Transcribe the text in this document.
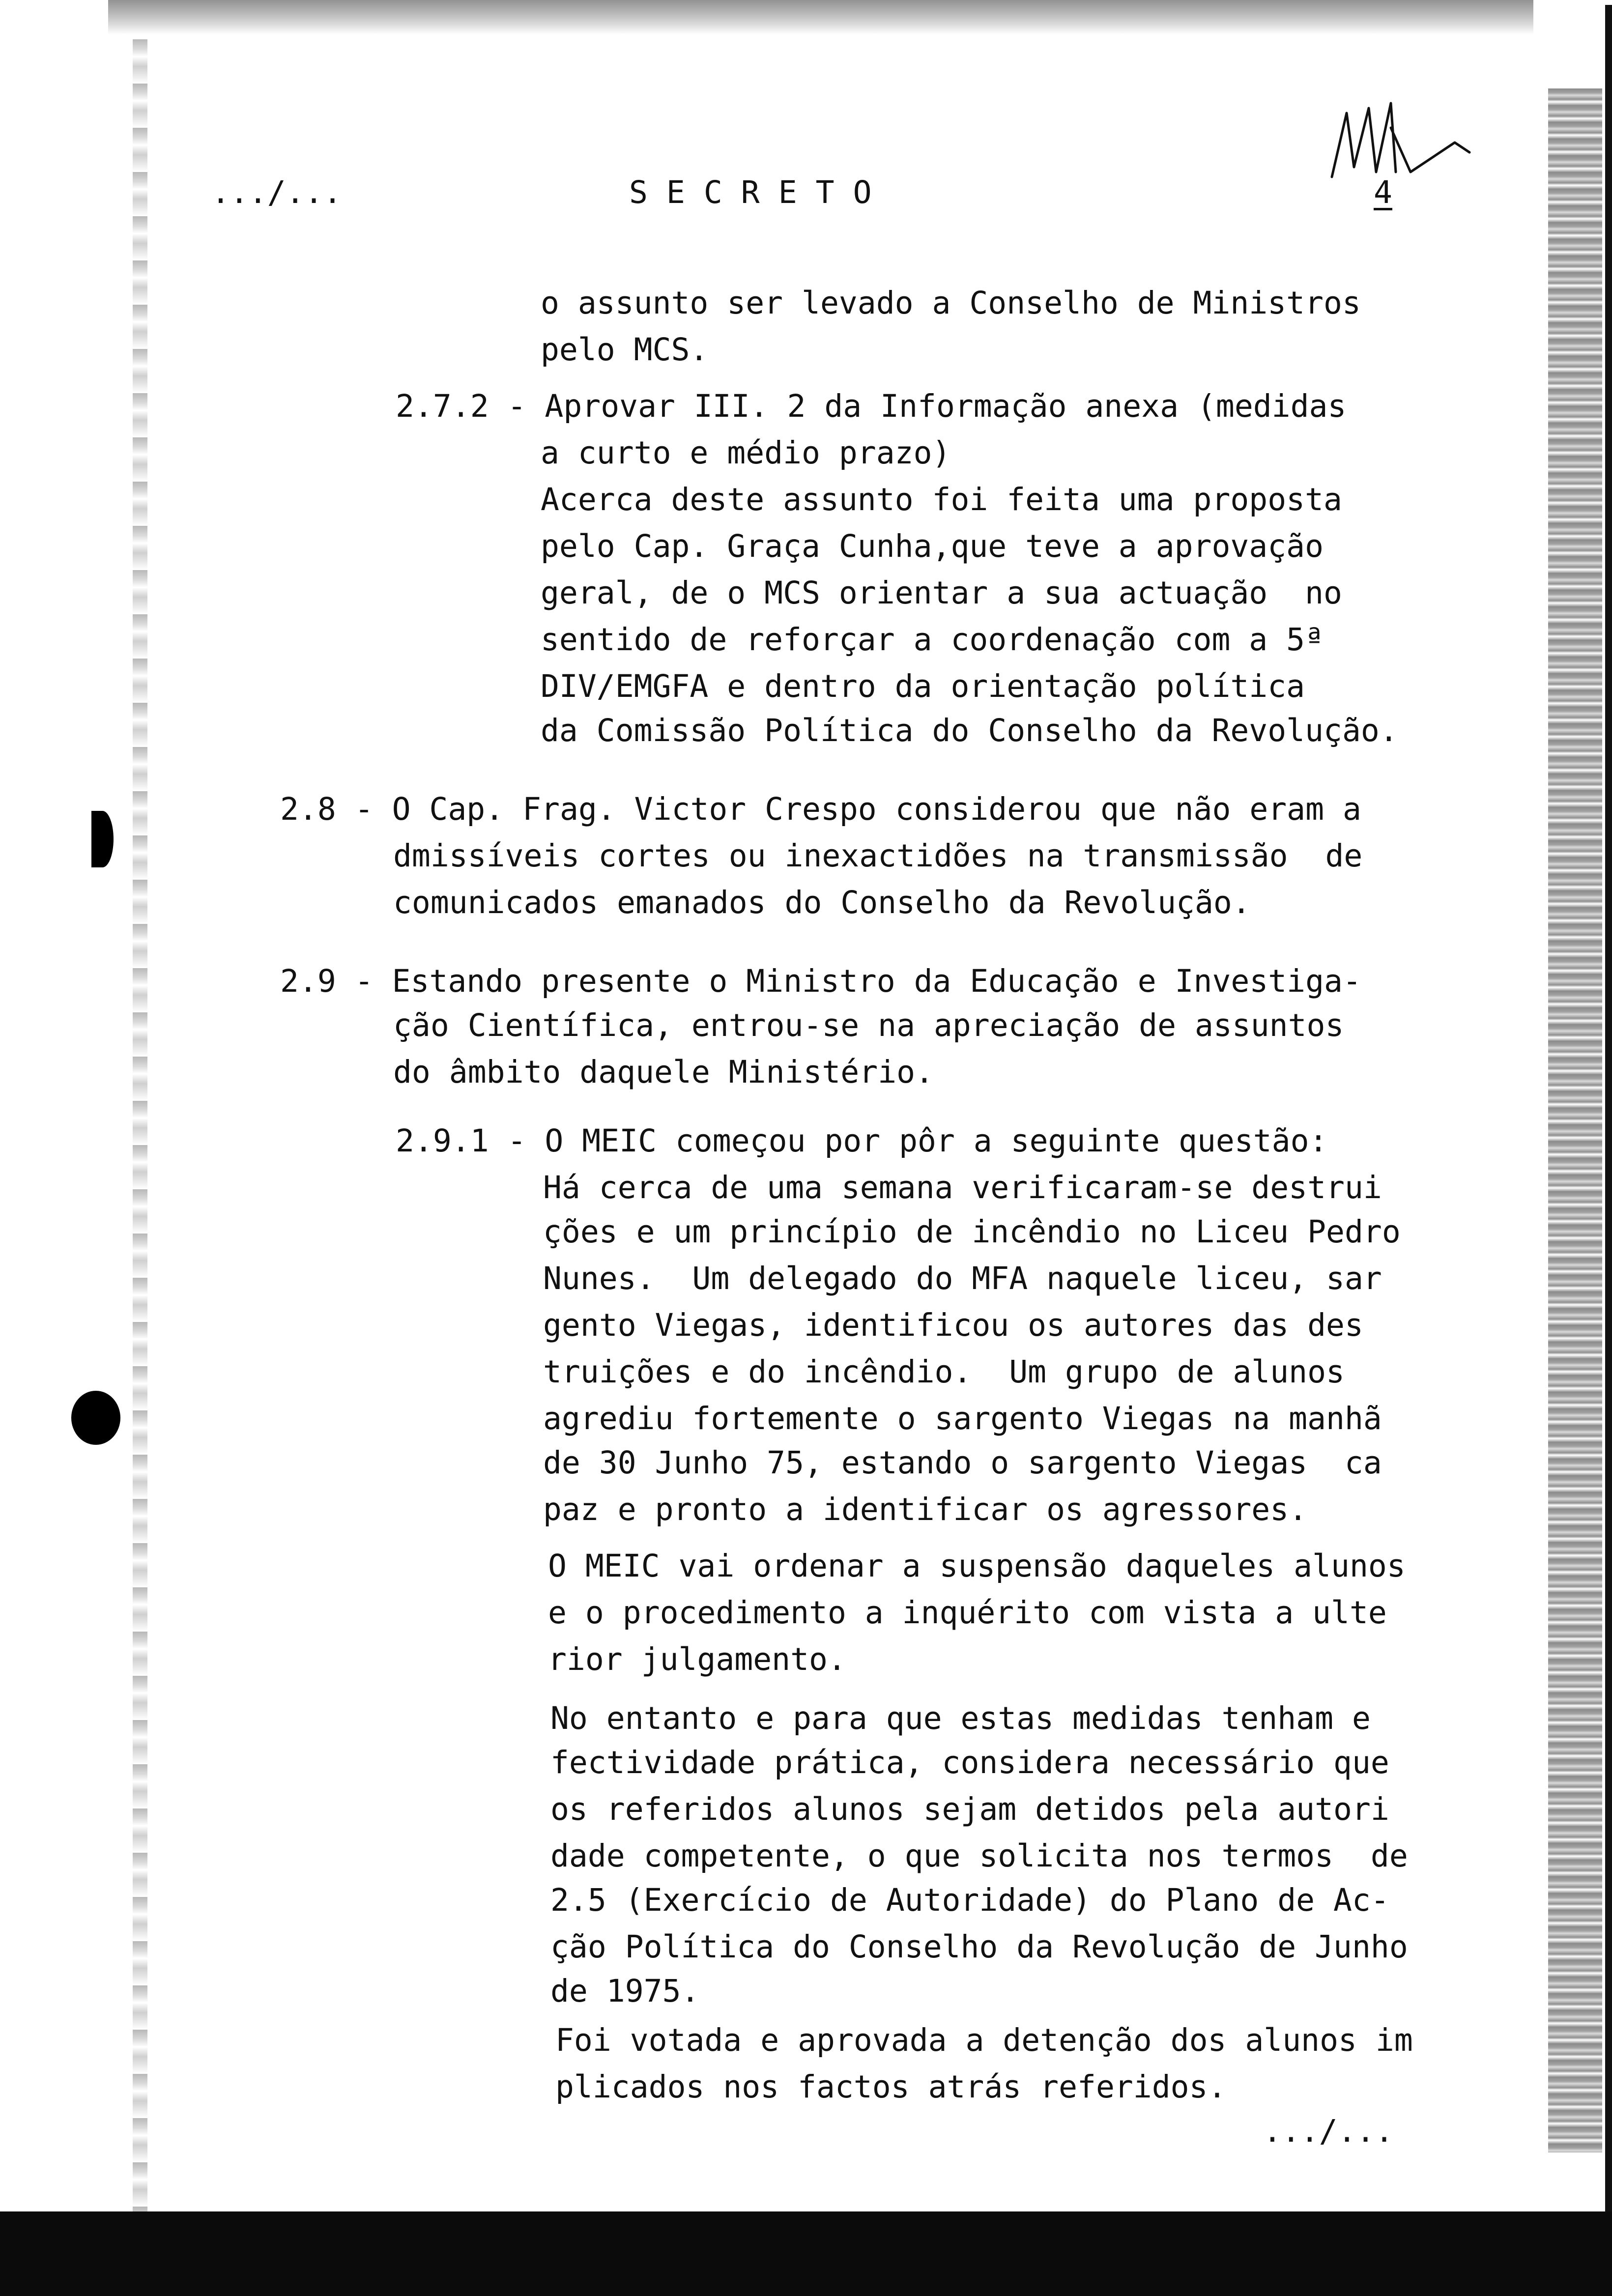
.../...	SECRETO	4
o assunto ser levado a Conselho de Ministros
pelo MCS.
2.7.2 - Aprovar III. 2 da Informação anexa (medidas
a curto e médio prazo)
Acerca deste assunto foi feita uma proposta
pelo Cap. Graça Cunha,que teve a aprovação
geral, de o MCS orientar a sua actuação  no
sentido de reforçar a coordenação com a 5ª
DIV/EMGFA e dentro da orientação política
da Comissão Política do Conselho da Revolução.
2.8 - O Cap. Frag. Victor Crespo considerou que não eram a
dmissíveis cortes ou inexactidões na transmissão  de
comunicados emanados do Conselho da Revolução.
2.9 - Estando presente o Ministro da Educação e Investiga-
ção Científica, entrou-se na apreciação de assuntos
do âmbito daquele Ministério.
2.9.1 - O MEIC começou por pôr a seguinte questão:
Há cerca de uma semana verificaram-se destrui
ções e um princípio de incêndio no Liceu Pedro
Nunes.  Um delegado do MFA naquele liceu, sar
gento Viegas, identificou os autores das des
truições e do incêndio.  Um grupo de alunos
agrediu fortemente o sargento Viegas na manhã
de 30 Junho 75, estando o sargento Viegas  ca
paz e pronto a identificar os agressores.
O MEIC vai ordenar a suspensão daqueles alunos
e o procedimento a inquérito com vista a ulte
rior julgamento.
No entanto e para que estas medidas tenham e
fectividade prática, considera necessário que
os referidos alunos sejam detidos pela autori
dade competente, o que solicita nos termos  de
2.5 (Exercício de Autoridade) do Plano de Ac-
ção Política do Conselho da Revolução de Junho
de 1975.
Foi votada e aprovada a detenção dos alunos im
plicados nos factos atrás referidos.
.../...
